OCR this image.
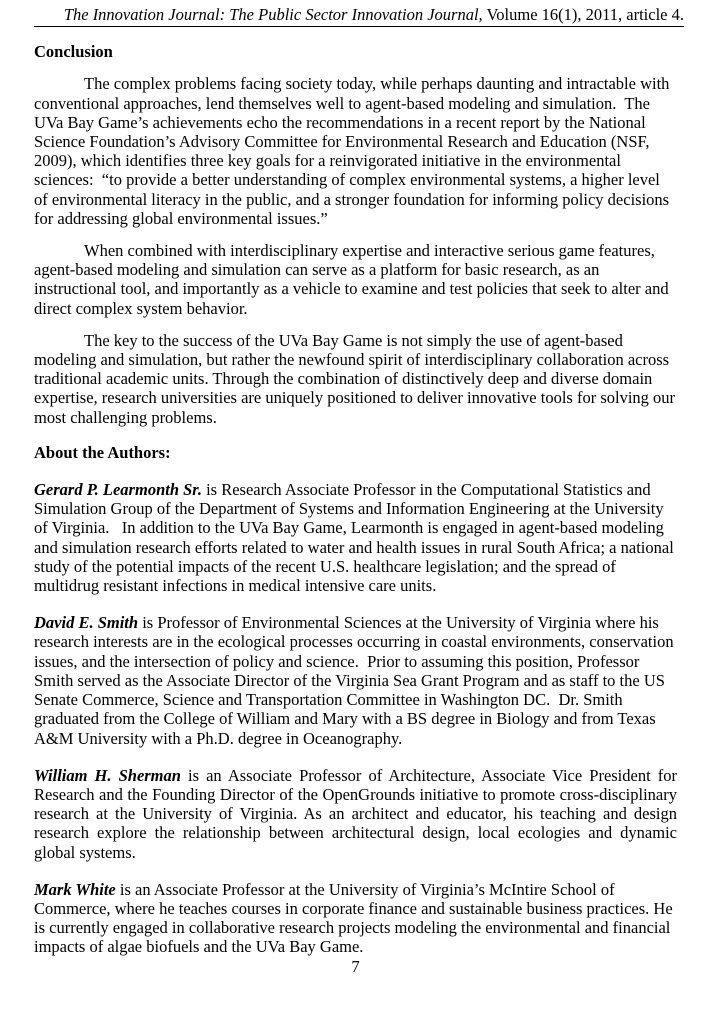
The Innovation Journal: The Public Sector Innovation Journal, Volume 16(1), 2011, article 4.
Conclusion

The complex problems facing society today, while perhaps daunting and intractable with conventional approaches, lend themselves well to agent-based modeling and simulation.  The UVa Bay Game’s achievements echo the recommendations in a recent report by the National Science Foundation’s Advisory Committee for Environmental Research and Education (NSF, 2009), which identifies three key goals for a reinvigorated initiative in the environmental sciences:  “to provide a better understanding of complex environmental systems, a higher level of environmental literacy in the public, and a stronger foundation for informing policy decisions for addressing global environmental issues.”

When combined with interdisciplinary expertise and interactive serious game features, agent-based modeling and simulation can serve as a platform for basic research, as an instructional tool, and importantly as a vehicle to examine and test policies that seek to alter and direct complex system behavior.

The key to the success of the UVa Bay Game is not simply the use of agent-based modeling and simulation, but rather the newfound spirit of interdisciplinary collaboration across traditional academic units. Through the combination of distinctively deep and diverse domain expertise, research universities are uniquely positioned to deliver innovative tools for solving our most challenging problems.

About the Authors:

Gerard P. Learmonth Sr. is Research Associate Professor in the Computational Statistics and Simulation Group of the Department of Systems and Information Engineering at the University of Virginia.   In addition to the UVa Bay Game, Learmonth is engaged in agent-based modeling and simulation research efforts related to water and health issues in rural South Africa; a national study of the potential impacts of the recent U.S. healthcare legislation; and the spread of multidrug resistant infections in medical intensive care units.

David E. Smith is Professor of Environmental Sciences at the University of Virginia where his research interests are in the ecological processes occurring in coastal environments, conservation issues, and the intersection of policy and science.  Prior to assuming this position, Professor Smith served as the Associate Director of the Virginia Sea Grant Program and as staff to the US Senate Commerce, Science and Transportation Committee in Washington DC.  Dr. Smith graduated from the College of William and Mary with a BS degree in Biology and from Texas A&M University with a Ph.D. degree in Oceanography.

William H. Sherman is an Associate Professor of Architecture, Associate Vice President for Research and the Founding Director of the OpenGrounds initiative to promote cross-disciplinary research at the University of Virginia. As an architect and educator, his teaching and design research explore the relationship between architectural design, local ecologies and dynamic global systems.

Mark White is an Associate Professor at the University of Virginia’s McIntire School of Commerce, where he teaches courses in corporate finance and sustainable business practices. He is currently engaged in collaborative research projects modeling the environmental and financial impacts of algae biofuels and the UVa Bay Game.

7
